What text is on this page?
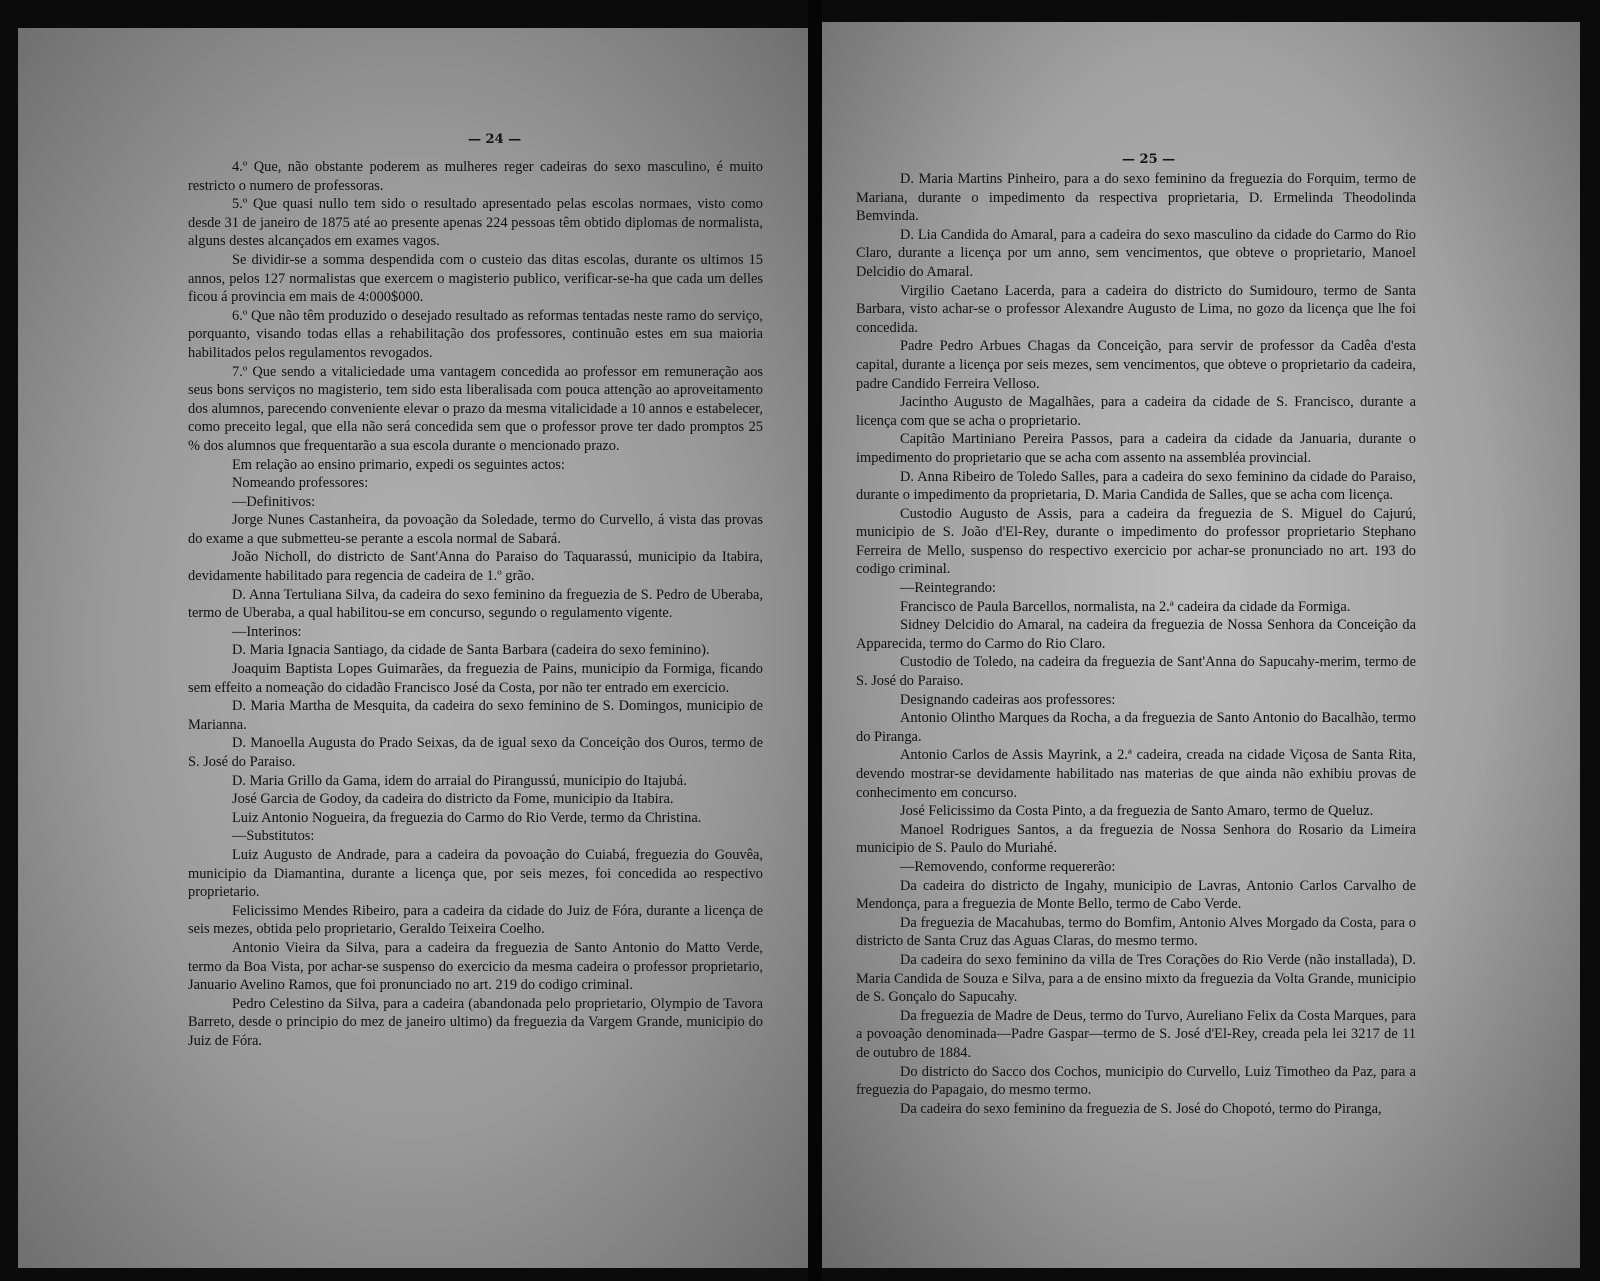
— 24 —

4.º Que, não obstante poderem as mulheres reger cadeiras do sexo masculino, é muito restricto o numero de professoras.

5.º Que quasi nullo tem sido o resultado apresentado pelas escolas normaes, visto como desde 31 de janeiro de 1875 até ao presente apenas 224 pessoas têm obtido diplomas de normalista, alguns destes alcançados em exames vagos.

Se dividir-se a somma despendida com o custeio das ditas escolas, durante os ultimos 15 annos, pelos 127 normalistas que exercem o magisterio publico, verificar-se-ha que cada um delles ficou á provincia em mais de 4:000$000.

6.º Que não têm produzido o desejado resultado as reformas tentadas neste ramo do serviço, porquanto, visando todas ellas a rehabilitação dos professores, continuão estes em sua maioria habilitados pelos regulamentos revogados.

7.º Que sendo a vitaliciedade uma vantagem concedida ao professor em remuneração aos seus bons serviços no magisterio, tem sido esta liberalisada com pouca attenção ao aproveitamento dos alumnos, parecendo conveniente elevar o prazo da mesma vitalicidade a 10 annos e estabelecer, como preceito legal, que ella não será concedida sem que o professor prove ter dado promptos 25 % dos alumnos que frequentarão a sua escola durante o mencionado prazo.

Em relação ao ensino primario, expedi os seguintes actos:

Nomeando professores:

—Definitivos:

Jorge Nunes Castanheira, da povoação da Soledade, termo do Curvello, á vista das provas do exame a que submetteu-se perante a escola normal de Sabará.

João Nicholl, do districto de Sant'Anna do Paraiso do Taquarassú, municipio da Itabira, devidamente habilitado para regencia de cadeira de 1.º grão.

D. Anna Tertuliana Silva, da cadeira do sexo feminino da freguezia de S. Pedro de Uberaba, termo de Uberaba, a qual habilitou-se em concurso, segundo o regulamento vigente.

—Interinos:

D. Maria Ignacia Santiago, da cidade de Santa Barbara (cadeira do sexo feminino).

Joaquim Baptista Lopes Guimarães, da freguezia de Pains, municipio da Formiga, ficando sem effeito a nomeação do cidadão Francisco José da Costa, por não ter entrado em exercicio.

D. Maria Martha de Mesquita, da cadeira do sexo feminino de S. Domingos, municipio de Marianna.

D. Manoella Augusta do Prado Seixas, da de igual sexo da Conceição dos Ouros, termo de S. José do Paraiso.

D. Maria Grillo da Gama, idem do arraial do Pirangussú, municipio do Itajubá.

José Garcia de Godoy, da cadeira do districto da Fome, municipio da Itabira.

Luiz Antonio Nogueira, da freguezia do Carmo do Rio Verde, termo da Christina.

—Substitutos:

Luiz Augusto de Andrade, para a cadeira da povoação do Cuiabá, freguezia do Gouvêa, municipio da Diamantina, durante a licença que, por seis mezes, foi concedida ao respectivo proprietario.

Felicissimo Mendes Ribeiro, para a cadeira da cidade do Juiz de Fóra, durante a licença de seis mezes, obtida pelo proprietario, Geraldo Teixeira Coelho.

Antonio Vieira da Silva, para a cadeira da freguezia de Santo Antonio do Matto Verde, termo da Boa Vista, por achar-se suspenso do exercicio da mesma cadeira o professor proprietario, Januario Avelino Ramos, que foi pronunciado no art. 219 do codigo criminal.

Pedro Celestino da Silva, para a cadeira (abandonada pelo proprietario, Olympio de Tavora Barreto, desde o principio do mez de janeiro ultimo) da freguezia da Vargem Grande, municipio do Juiz de Fóra.

— 25 —

D. Maria Martins Pinheiro, para a do sexo feminino da freguezia do Forquim, termo de Mariana, durante o impedimento da respectiva proprietaria, D. Ermelinda Theodolinda Bemvinda.

D. Lia Candida do Amaral, para a cadeira do sexo masculino da cidade do Carmo do Rio Claro, durante a licença por um anno, sem vencimentos, que obteve o proprietario, Manoel Delcidio do Amaral.

Virgilio Caetano Lacerda, para a cadeira do districto do Sumidouro, termo de Santa Barbara, visto achar-se o professor Alexandre Augusto de Lima, no gozo da licença que lhe foi concedida.

Padre Pedro Arbues Chagas da Conceição, para servir de professor da Cadêa d'esta capital, durante a licença por seis mezes, sem vencimentos, que obteve o proprietario da cadeira, padre Candido Ferreira Velloso.

Jacintho Augusto de Magalhães, para a cadeira da cidade de S. Francisco, durante a licença com que se acha o proprietario.

Capitão Martiniano Pereira Passos, para a cadeira da cidade da Januaria, durante o impedimento do proprietario que se acha com assento na assembléa provincial.

D. Anna Ribeiro de Toledo Salles, para a cadeira do sexo feminino da cidade do Paraiso, durante o impedimento da proprietaria, D. Maria Candida de Salles, que se acha com licença.

Custodio Augusto de Assis, para a cadeira da freguezia de S. Miguel do Cajurú, municipio de S. João d'El-Rey, durante o impedimento do professor proprietario Stephano Ferreira de Mello, suspenso do respectivo exercicio por achar-se pronunciado no art. 193 do codigo criminal.

—Reintegrando:

Francisco de Paula Barcellos, normalista, na 2.ª cadeira da cidade da Formiga.

Sidney Delcidio do Amaral, na cadeira da freguezia de Nossa Senhora da Conceição da Apparecida, termo do Carmo do Rio Claro.

Custodio de Toledo, na cadeira da freguezia de Sant'Anna do Sapucahy-merim, termo de S. José do Paraiso.

Designando cadeiras aos professores:

Antonio Olintho Marques da Rocha, a da freguezia de Santo Antonio do Bacalhão, termo do Piranga.

Antonio Carlos de Assis Mayrink, a 2.ª cadeira, creada na cidade Viçosa de Santa Rita, devendo mostrar-se devidamente habilitado nas materias de que ainda não exhibiu provas de conhecimento em concurso.

José Felicissimo da Costa Pinto, a da freguezia de Santo Amaro, termo de Queluz.

Manoel Rodrigues Santos, a da freguezia de Nossa Senhora do Rosario da Limeira municipio de S. Paulo do Muriahé.

—Removendo, conforme requererão:

Da cadeira do districto de Ingahy, municipio de Lavras, Antonio Carlos Carvalho de Mendonça, para a freguezia de Monte Bello, termo de Cabo Verde.

Da freguezia de Macahubas, termo do Bomfim, Antonio Alves Morgado da Costa, para o districto de Santa Cruz das Aguas Claras, do mesmo termo.

Da cadeira do sexo feminino da villa de Tres Corações do Rio Verde (não installada), D. Maria Candida de Souza e Silva, para a de ensino mixto da freguezia da Volta Grande, municipio de S. Gonçalo do Sapucahy.

Da freguezia de Madre de Deus, termo do Turvo, Aureliano Felix da Costa Marques, para a povoação denominada—Padre Gaspar—termo de S. José d'El-Rey, creada pela lei 3217 de 11 de outubro de 1884.

Do districto do Sacco dos Cochos, municipio do Curvello, Luiz Timotheo da Paz, para a freguezia do Papagaio, do mesmo termo.

Da cadeira do sexo feminino da freguezia de S. José do Chopotó, termo do Piranga,
